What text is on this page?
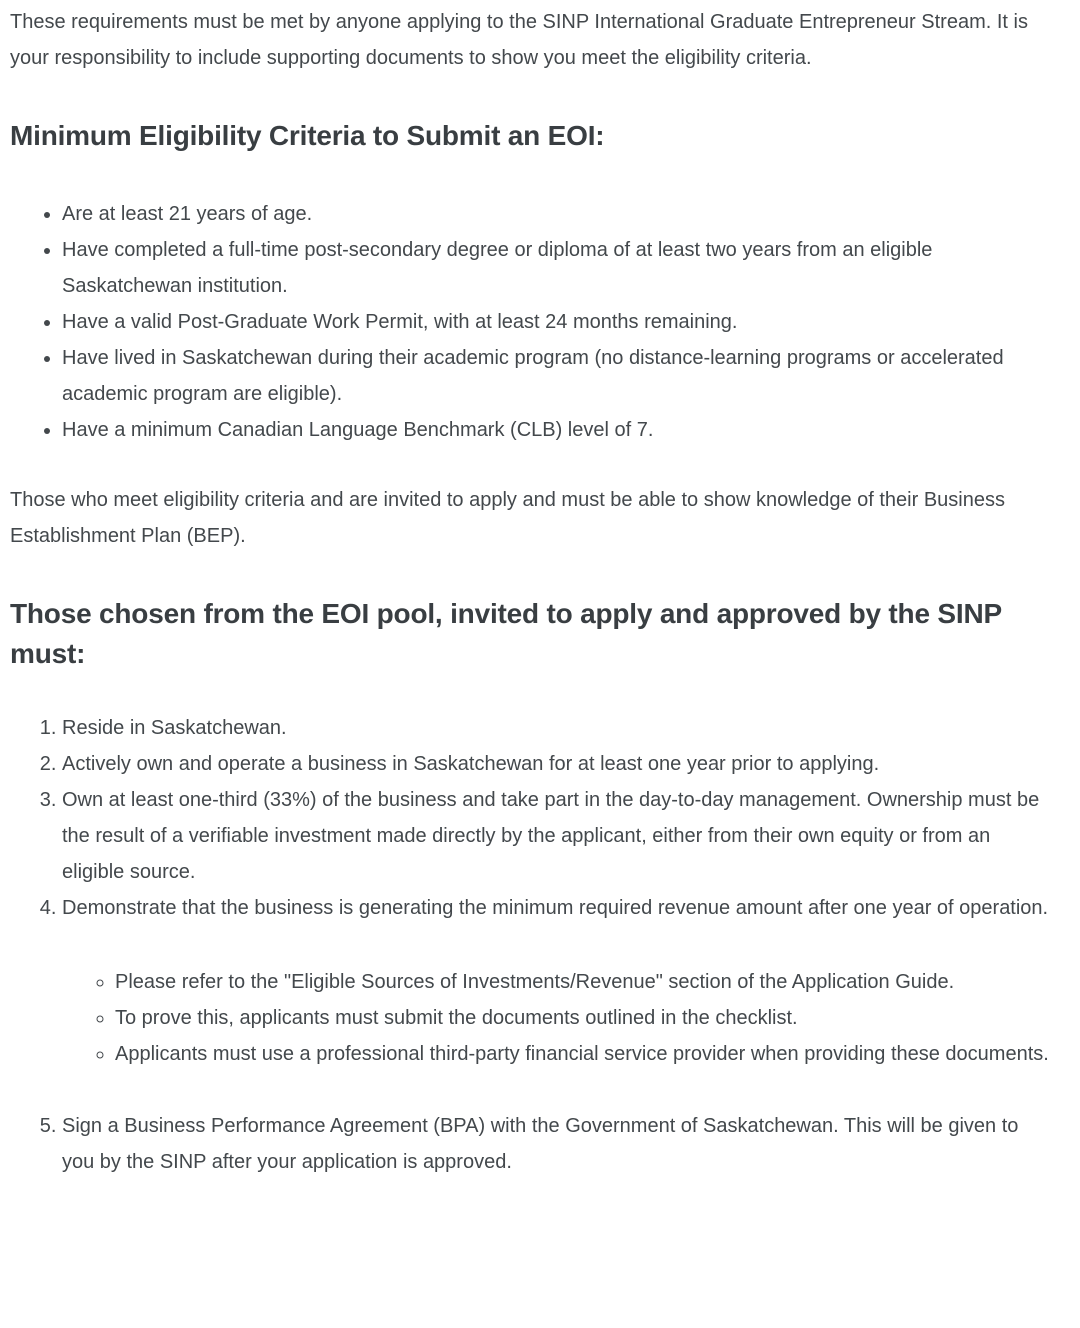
These requirements must be met by anyone applying to the SINP International Graduate Entrepreneur Stream. It is your responsibility to include supporting documents to show you meet the eligibility criteria.

Minimum Eligibility Criteria to Submit an EOI:
• Are at least 21 years of age.
• Have completed a full-time post-secondary degree or diploma of at least two years from an eligible Saskatchewan institution.
• Have a valid Post-Graduate Work Permit, with at least 24 months remaining.
• Have lived in Saskatchewan during their academic program (no distance-learning programs or accelerated academic program are eligible).
• Have a minimum Canadian Language Benchmark (CLB) level of 7.

Those who meet eligibility criteria and are invited to apply and must be able to show knowledge of their Business Establishment Plan (BEP).

Those chosen from the EOI pool, invited to apply and approved by the SINP must:
1. Reside in Saskatchewan.
2. Actively own and operate a business in Saskatchewan for at least one year prior to applying.
3. Own at least one-third (33%) of the business and take part in the day-to-day management. Ownership must be the result of a verifiable investment made directly by the applicant, either from their own equity or from an eligible source.
4. Demonstrate that the business is generating the minimum required revenue amount after one year of operation.
◦ Please refer to the "Eligible Sources of Investments/Revenue" section of the Application Guide.
◦ To prove this, applicants must submit the documents outlined in the checklist.
◦ Applicants must use a professional third-party financial service provider when providing these documents.
5. Sign a Business Performance Agreement (BPA) with the Government of Saskatchewan. This will be given to you by the SINP after your application is approved.
